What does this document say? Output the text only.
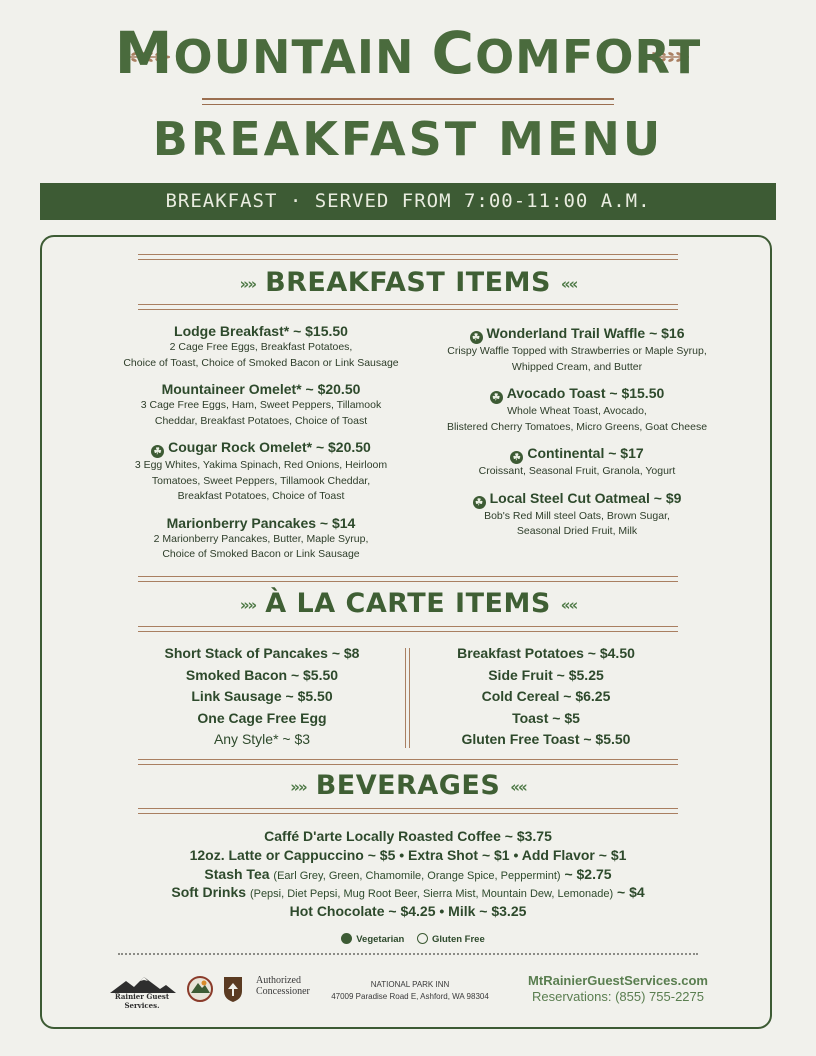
MOUNTAIN COMFORT
BREAKFAST MENU
BREAKFAST · SERVED FROM 7:00-11:00 A.M.
»» BREAKFAST ITEMS ««
Lodge Breakfast* ~ $15.50
2 Cage Free Eggs, Breakfast Potatoes,
Choice of Toast, Choice of Smoked Bacon or Link Sausage
Mountaineer Omelet* ~ $20.50
3 Cage Free Eggs, Ham, Sweet Peppers, Tillamook
Cheddar, Breakfast Potatoes, Choice of Toast
☘ Cougar Rock Omelet* ~ $20.50
3 Egg Whites, Yakima Spinach, Red Onions, Heirloom
Tomatoes, Sweet Peppers, Tillamook Cheddar,
Breakfast Potatoes, Choice of Toast
Marionberry Pancakes ~ $14
2 Marionberry Pancakes, Butter, Maple Syrup,
Choice of Smoked Bacon or Link Sausage
☘ Wonderland Trail Waffle ~ $16
Crispy Waffle Topped with Strawberries or Maple Syrup,
Whipped Cream, and Butter
☘ Avocado Toast ~ $15.50
Whole Wheat Toast, Avocado,
Blistered Cherry Tomatoes, Micro Greens, Goat Cheese
☘ Continental ~ $17
Croissant, Seasonal Fruit, Granola, Yogurt
☘ Local Steel Cut Oatmeal ~ $9
Bob's Red Mill steel Oats, Brown Sugar,
Seasonal Dried Fruit, Milk
»» À LA CARTE ITEMS ««
Short Stack of Pancakes ~ $8
Smoked Bacon ~ $5.50
Link Sausage ~ $5.50
One Cage Free Egg
Any Style* ~ $3
Breakfast Potatoes ~ $4.50
Side Fruit ~ $5.25
Cold Cereal ~ $6.25
Toast ~ $5
Gluten Free Toast ~ $5.50
»» BEVERAGES ««
Caffé D'arte Locally Roasted Coffee ~ $3.75
12oz. Latte or Cappuccino ~ $5 • Extra Shot ~ $1 • Add Flavor ~ $1
Stash Tea (Earl Grey, Green, Chamomile, Orange Spice, Peppermint) ~ $2.75
Soft Drinks (Pepsi, Diet Pepsi, Mug Root Beer, Sierra Mist, Mountain Dew, Lemonade) ~ $4
Hot Chocolate ~ $4.25 • Milk ~ $3.25
Vegetarian	Gluten Free
Rainier Guest Services.
Authorized
Concessioner
NATIONAL PARK INN
47009 Paradise Road E, Ashford, WA 98304
MtRainierGuestServices.com
Reservations: (855) 755-2275
